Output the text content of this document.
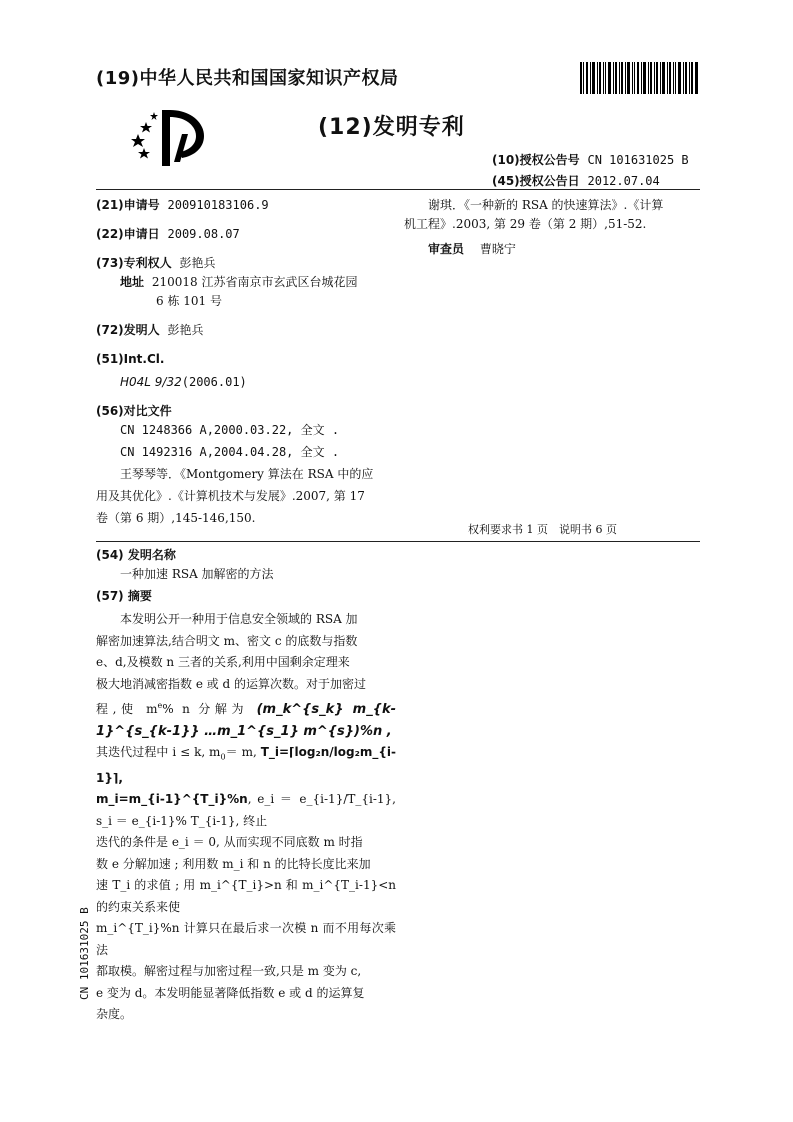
(19)中华人民共和国国家知识产权局
(12)发明专利
(10)授权公告号 CN 101631025 B
(45)授权公告日 2012.07.04
(21)申请号 200910183106.9
(22)申请日 2009.08.07
(73)专利权人 彭艳兵
地址 210018 江苏省南京市玄武区台城花园
6 栋 101 号
(72)发明人 彭艳兵
(51)Int.Cl.
H04L 9/32(2006.01)
(56)对比文件
CN 1248366 A,2000.03.22, 全文 .
CN 1492316 A,2004.04.28, 全文 .
王琴琴等．《Montgomery 算法在 RSA 中的应
用及其优化》.《计算机技术与发展》.2007, 第 17
卷（第 6 期）,145-146,150.
谢琪．《一种新的 RSA 的快速算法》.《计算
机工程》.2003, 第 29 卷（第 2 期）,51-52.
审查员 曹晓宁
权利要求书 1 页　说明书 6 页
(54) 发明名称
一种加速 RSA 加解密的方法
(57) 摘要
　　本发明公开一种用于信息安全领域的 RSA 加
解密加速算法,结合明文 m、密文 c 的底数与指数
e、d,及模数 n 三者的关系,利用中国剩余定理来
极大地消减密指数 e 或 d 的运算次数。对于加密过
程,使 $m^e\%$ n 分解为 (m_k^{s_k} m_{k-1}^{s_{k-1}} …m_1^{s_1} m^{s})%n ,
其迭代过程中 i ≤ k, $m_0= m$, T_i=⌈log₂n/log₂m_{i-1}⌉,
m_i=m_{i-1}^{T_i}%n, e_i ＝ e_{i-1}/T_{i-1}, s_i ＝ e_{i-1}% T_{i-1}, 终止
迭代的条件是 e_i ＝ 0, 从而实现不同底数 m 时指
数 e 分解加速 ; 利用数 m_i 和 n 的比特长度比来加
速 T_i 的求值 ; 用 m_i^{T_i}>n 和 m_i^{T_i-1}<n 的约束关系来使
m_i^{T_i}%n 计算只在最后求一次模 n 而不用每次乘法
都取模。解密过程与加密过程一致,只是 m 变为 c,
e 变为 d。本发明能显著降低指数 e 或 d 的运算复
杂度。
CN 101631025 B
